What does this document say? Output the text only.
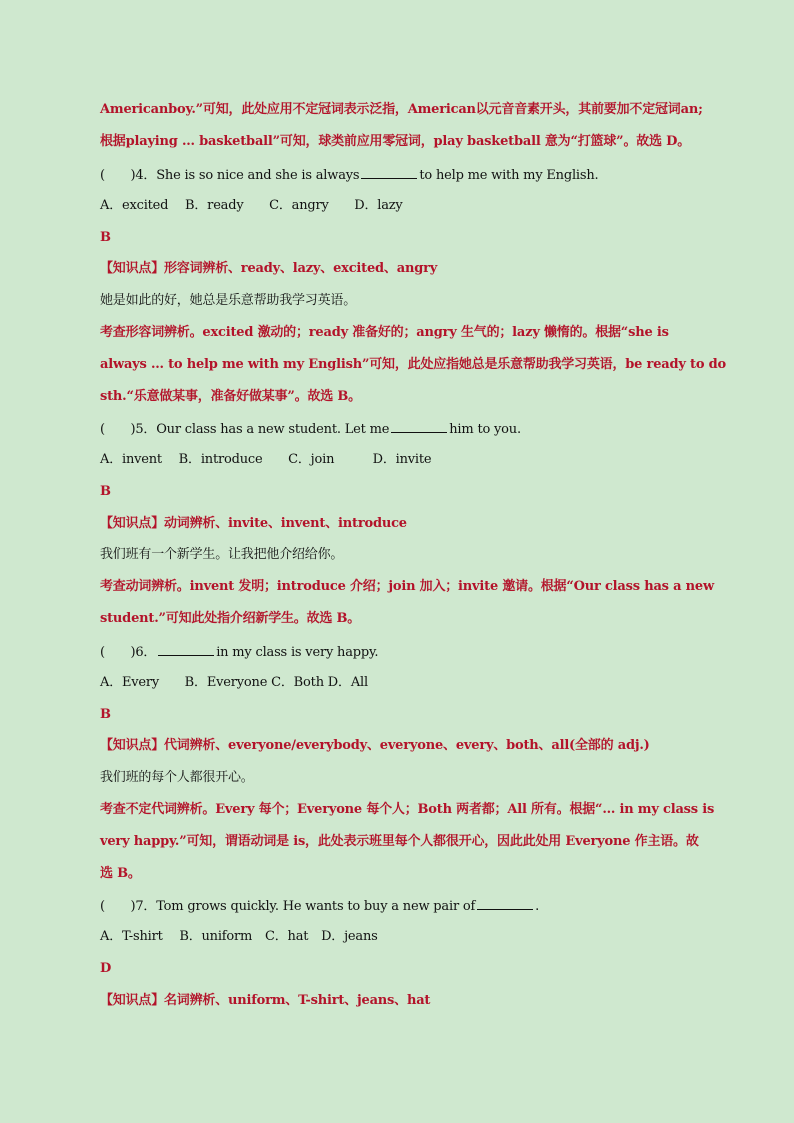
Americanboy.”可知，此处应用不定冠词表示泛指，American以元音音素开头，其前要加不定冠词an;
根据playing … basketball”可知，球类前应用零冠词，play basketball 意为“打篮球”。故选 D。
(　　)4．She is so nice and she is always	to help me with my English.
A．excited　 B．ready　　C．angry　　D．lazy
B
【知识点】形容词辨析、ready、lazy、excited、angry
她是如此的好，她总是乐意帮助我学习英语。
考查形容词辨析。excited 激动的；ready 准备好的；angry 生气的；lazy 懒惰的。根据“she is
always … to help me with my English”可知，此处应指她总是乐意帮助我学习英语，be ready to do
sth.“乐意做某事，准备好做某事”。故选 B。
(　　)5．Our class has a new student. Let me	him to you.
A．invent　 B．introduce　　C．join　　　D．invite
B
【知识点】动词辨析、invite、invent、introduce
我们班有一个新学生。让我把他介绍给你。
考查动词辨析。invent 发明；introduce 介绍；join 加入；invite 邀请。根据“Our class has a new
student.”可知此处指介绍新学生。故选 B。
(　　)6．	in my class is very happy.
A．Every　　B．Everyone C．Both D．All
B
【知识点】代词辨析、everyone/everybody、everyone、every、both、all(全部的 adj.)
我们班的每个人都很开心。
考查不定代词辨析。Every 每个；Everyone 每个人；Both 两者都；All 所有。根据“… in my class is
very happy.”可知，谓语动词是 is，此处表示班里每个人都很开心，因此此处用 Everyone 作主语。故
选 B。
(　　)7．Tom grows quickly. He wants to buy a new pair of	.
A．T-shirt　 B．uniform　C．hat　D．jeans
D
【知识点】名词辨析、uniform、T-shirt、jeans、hat
